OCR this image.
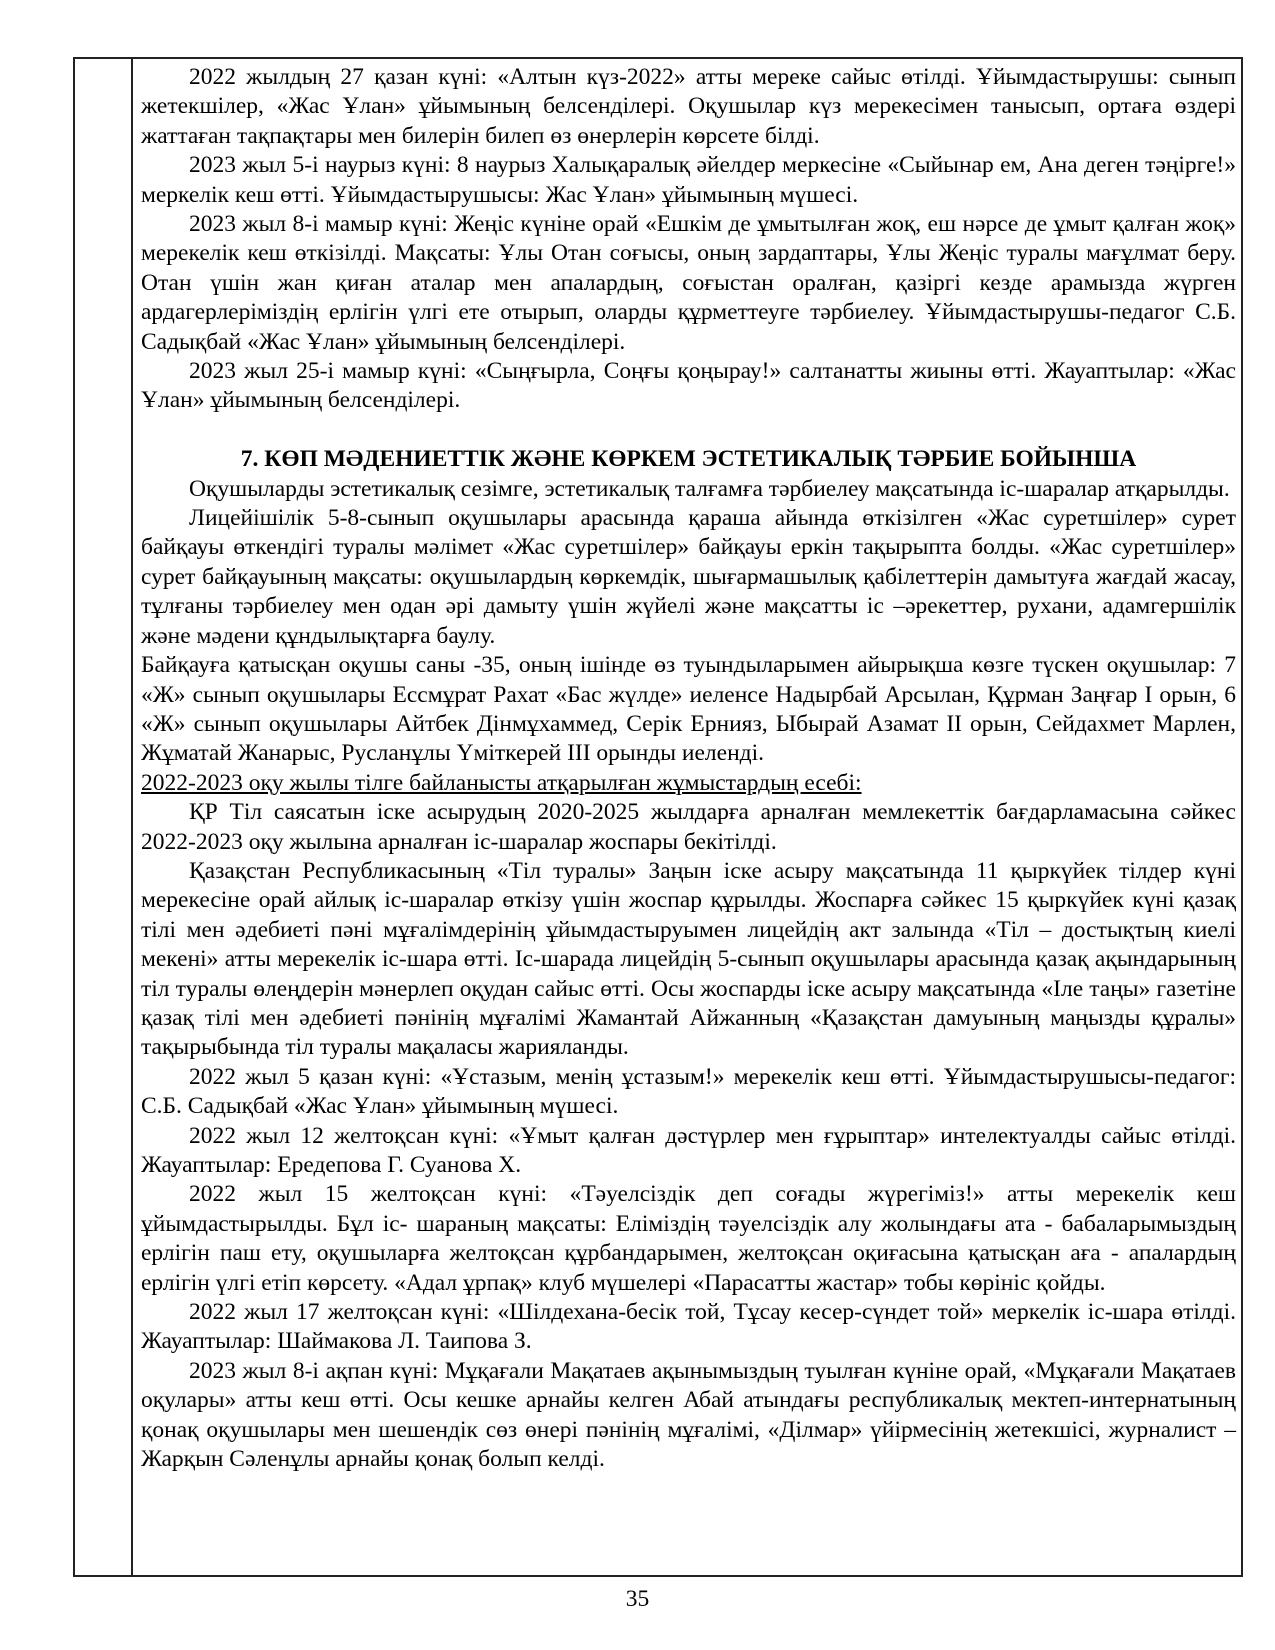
2022 жылдың 27 қазан күні: «Алтын күз-2022» атты мереке сайыс өтілді. Ұйымдастырушы: сынып жетекшілер, «Жас Ұлан» ұйымының белсенділері. Оқушылар күз мерекесімен танысып, ортаға өздері жаттаған тақпақтары мен билерін билеп өз өнерлерін көрсете білді.

2023 жыл 5-і наурыз күні: 8 наурыз Халықаралық әйелдер меркесіне «Сыйынар ем, Ана деген тәңірге!» меркелік кеш өтті. Ұйымдастырушысы: Жас Ұлан» ұйымының мүшесі.

2023 жыл 8-і мамыр күні: Жеңіс күніне орай «Ешкім де ұмытылған жоқ, еш нәрсе де ұмыт қалған жоқ» мерекелік кеш өткізілді. Мақсаты: Ұлы Отан соғысы, оның зардаптары, Ұлы Жеңіс туралы мағұлмат беру. Отан үшін жан қиған аталар мен апалардың, соғыстан оралған, қазіргі кезде арамызда жүрген ардагерлеріміздің ерлігін үлгі ете отырып, оларды құрметтеуге тәрбиелеу. Ұйымдастырушы-педагог С.Б. Садықбай «Жас Ұлан» ұйымының белсенділері.

2023 жыл 25-і мамыр күні: «Сыңғырла, Соңғы қоңырау!» салтанатты жиыны өтті. Жауаптылар: «Жас Ұлан» ұйымының белсенділері.

7. КӨП МӘДЕНИЕТТІК ЖӘНЕ КӨРКЕМ ЭСТЕТИКАЛЫҚ ТӘРБИЕ БОЙЫНША

Оқушыларды эстетикалық сезімге, эстетикалық талғамға тәрбиелеу мақсатында іс-шаралар атқарылды.

Лицейішілік 5-8-сынып оқушылары арасында қараша айында өткізілген «Жас суретшілер» сурет байқауы өткендігі туралы мәлімет «Жас суретшілер» байқауы еркін тақырыпта болды. «Жас суретшілер» сурет байқауының мақсаты: оқушылардың көркемдік, шығармашылық қабілеттерін дамытуға жағдай жасау, тұлғаны тәрбиелеу мен одан әрі дамыту үшін жүйелі және мақсатты іс –әрекеттер, рухани, адамгершілік және мәдени құндылықтарға баулу.

Байқауға қатысқан оқушы саны -35, оның ішінде өз туындыларымен айырықша көзге түскен оқушылар: 7 «Ж» сынып оқушылары Ессмұрат Рахат «Бас жүлде» иеленсе Надырбай Арсылан, Құрман Заңғар I орын, 6 «Ж» сынып оқушылары Айтбек Дінмұхаммед, Серік Ернияз, Ыбырай Азамат II орын, Сейдахмет Марлен, Жұматай Жанарыс, Русланұлы Үміткерей III орынды иеленді.

2022-2023 оқу жылы тілге байланысты атқарылған жұмыстардың есебі:

ҚР Тіл саясатын іске асырудың 2020-2025 жылдарға арналған мемлекеттік бағдарламасына сәйкес 2022-2023 оқу жылына арналған іс-шаралар жоспары бекітілді.

Қазақстан Республикасының «Тіл туралы» Заңын іске асыру мақсатында 11 қыркүйек тілдер күні мерекесіне орай айлық іс-шаралар өткізу үшін жоспар құрылды. Жоспарға сәйкес 15 қыркүйек күні қазақ тілі мен әдебиеті пәні мұғалімдерінің ұйымдастыруымен лицейдің акт залында «Тіл – достықтың киелі мекені» атты мерекелік іс-шара өтті. Іс-шарада лицейдің 5-сынып оқушылары арасында қазақ ақындарының тіл туралы өлеңдерін мәнерлеп оқудан сайыс өтті. Осы жоспарды іске асыру мақсатында «Іле таңы» газетіне қазақ тілі мен әдебиеті пәнінің мұғалімі Жамантай Айжанның «Қазақстан дамуының маңызды құралы» тақырыбында тіл туралы мақаласы жарияланды.

2022 жыл 5 қазан күні: «Ұстазым, менің ұстазым!» мерекелік кеш өтті. Ұйымдастырушысы-педагог: С.Б. Садықбай «Жас Ұлан» ұйымының мүшесі.

2022 жыл 12 желтоқсан күні: «Ұмыт қалған дәстүрлер мен ғұрыптар» интелектуалды сайыс өтілді. Жауаптылар: Ередепова Г. Суанова Х.

2022 жыл 15 желтоқсан күні: «Тәуелсіздік деп соғады жүрегіміз!» атты мерекелік кеш ұйымдастырылды. Бұл іс- шараның мақсаты: Еліміздің тәуелсіздік алу жолындағы ата - бабаларымыздың ерлігін паш ету, оқушыларға желтоқсан құрбандарымен, желтоқсан оқиғасына қатысқан аға - апалардың ерлігін үлгі етіп көрсету. «Адал ұрпақ» клуб мүшелері «Парасатты жастар» тобы көрініс қойды.

2022 жыл 17 желтоқсан күні: «Шілдехана-бесік той, Тұсау кесер-сүндет той» меркелік іс-шара өтілді. Жауаптылар: Шаймакова Л. Таипова З.

2023 жыл 8-і ақпан күні: Мұқағали Мақатаев ақынымыздың туылған күніне орай, «Мұқағали Мақатаев оқулары» атты кеш өтті. Осы кешке арнайы келген Абай атындағы республикалық мектеп-интернатының қонақ оқушылары мен шешендік сөз өнері пәнінің мұғалімі, «Ділмар» үйірмесінің жетекшісі, журналист – Жарқын Сәленұлы арнайы қонақ болып келді.

35
